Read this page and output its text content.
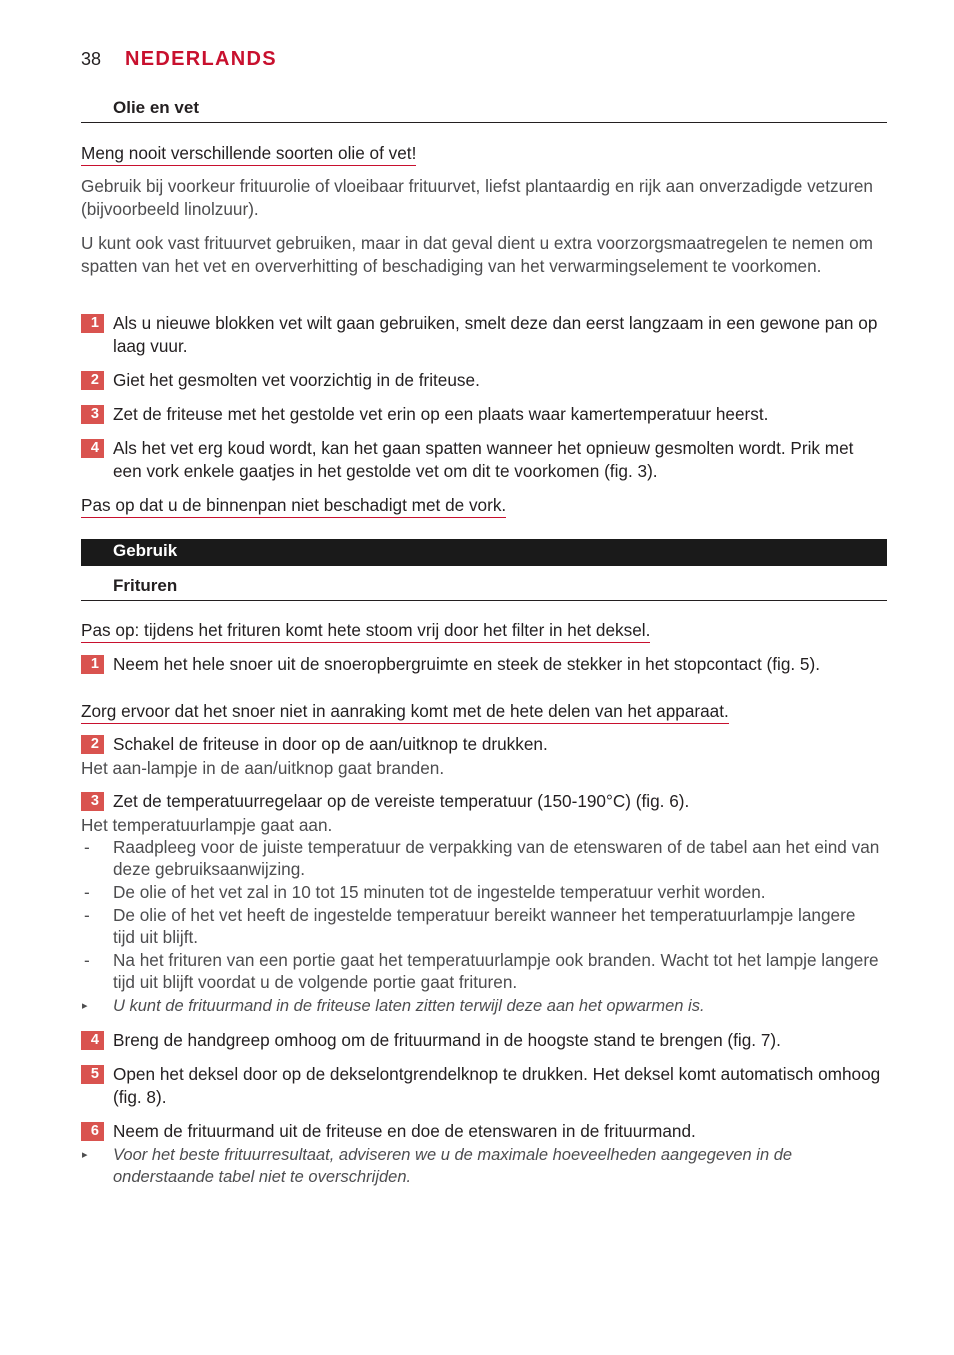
38 NEDERLANDS
Olie en vet
Meng nooit verschillende soorten olie of vet!
Gebruik bij voorkeur frituurolie of vloeibaar frituurvet, liefst plantaardig en rijk aan onverzadigde vetzuren (bijvoorbeeld linolzuur).
U kunt ook vast frituurvet gebruiken, maar in dat geval dient u extra voorzorgsmaatregelen te nemen om spatten van het vet en oververhitting of beschadiging van het verwarmingselement te voorkomen.
1 Als u nieuwe blokken vet wilt gaan gebruiken, smelt deze dan eerst langzaam in een gewone pan op laag vuur.
2 Giet het gesmolten vet voorzichtig in de friteuse.
3 Zet de friteuse met het gestolde vet erin op een plaats waar kamertemperatuur heerst.
4 Als het vet erg koud wordt, kan het gaan spatten wanneer het opnieuw gesmolten wordt. Prik met een vork enkele gaatjes in het gestolde vet om dit te voorkomen (fig. 3).
Pas op dat u de binnenpan niet beschadigt met de vork.
Gebruik
Frituren
Pas op: tijdens het frituren komt hete stoom vrij door het filter in het deksel.
1 Neem het hele snoer uit de snoeropbergruimte en steek de stekker in het stopcontact (fig. 5).
Zorg ervoor dat het snoer niet in aanraking komt met de hete delen van het apparaat.
2 Schakel de friteuse in door op de aan/uitknop te drukken.
Het aan-lampje in de aan/uitknop gaat branden.
3 Zet de temperatuurregelaar op de vereiste temperatuur (150-190°C) (fig. 6).
Het temperatuurlampje gaat aan.
- Raadpleeg voor de juiste temperatuur de verpakking van de etenswaren of de tabel aan het eind van deze gebruiksaanwijzing.
- De olie of het vet zal in 10 tot 15 minuten tot de ingestelde temperatuur verhit worden.
- De olie of het vet heeft de ingestelde temperatuur bereikt wanneer het temperatuurlampje langere tijd uit blijft.
- Na het frituren van een portie gaat het temperatuurlampje ook branden. Wacht tot het lampje langere tijd uit blijft voordat u de volgende portie gaat frituren.
▸ U kunt de frituurmand in de friteuse laten zitten terwijl deze aan het opwarmen is.
4 Breng de handgreep omhoog om de frituurmand in de hoogste stand te brengen (fig. 7).
5 Open het deksel door op de dekselontgrendelknop te drukken. Het deksel komt automatisch omhoog (fig. 8).
6 Neem de frituurmand uit de friteuse en doe de etenswaren in de frituurmand.
▸ Voor het beste frituurresultaat, adviseren we u de maximale hoeveelheden aangegeven in de onderstaande tabel niet te overschrijden.
